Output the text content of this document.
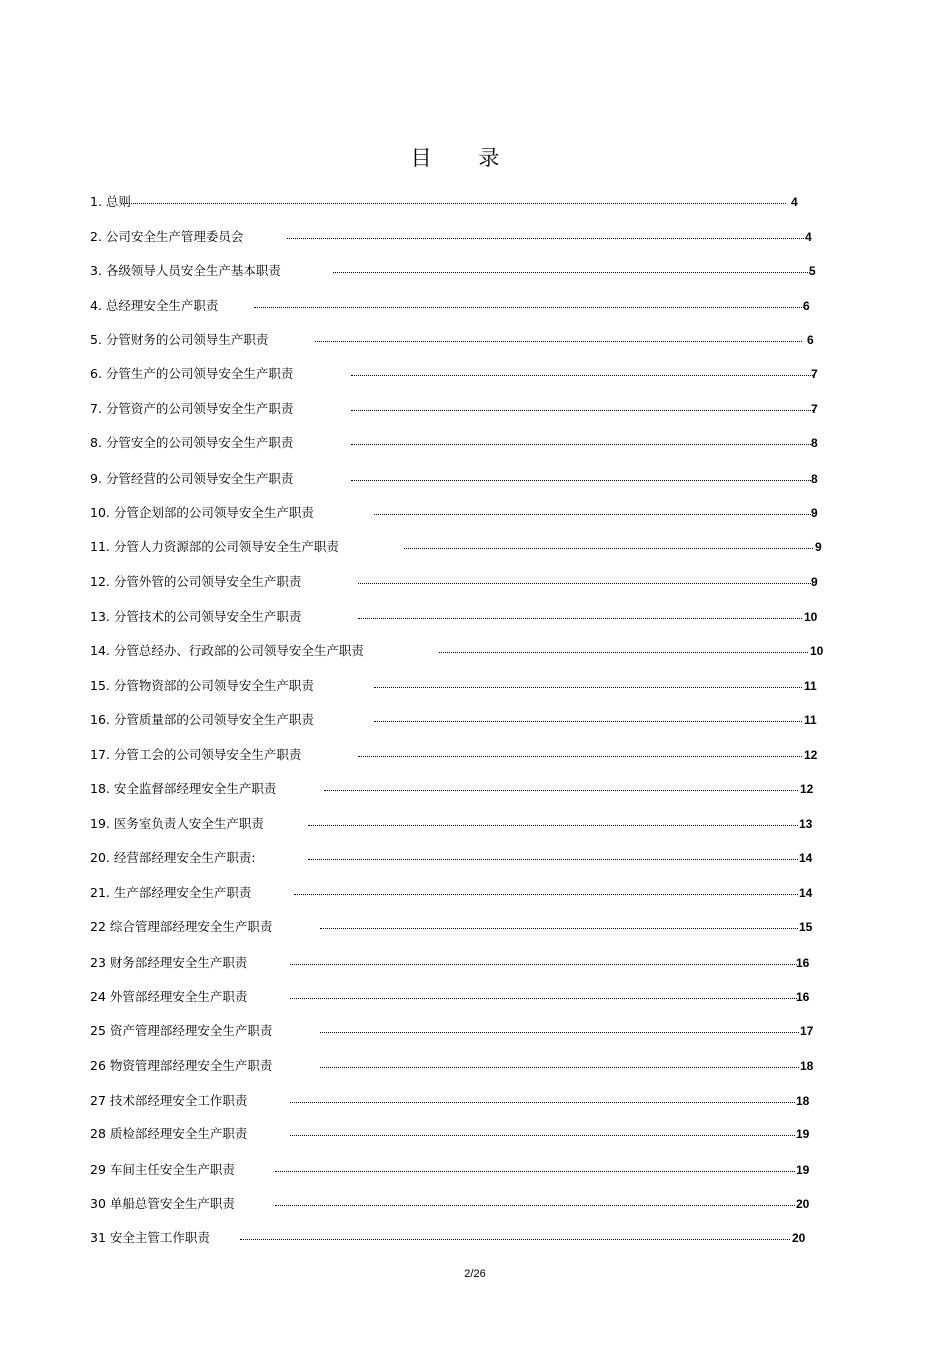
目 录
1. 总则	4
2. 公司安全生产管理委员会	4
3. 各级领导人员安全生产基本职责	5
4. 总经理安全生产职责	6
5. 分管财务的公司领导生产职责	6
6. 分管生产的公司领导安全生产职责	7
7. 分管资产的公司领导安全生产职责	7
8. 分管安全的公司领导安全生产职责	8
9. 分管经营的公司领导安全生产职责	8
10. 分管企划部的公司领导安全生产职责	9
11. 分管人力资源部的公司领导安全生产职责	9
12. 分管外管的公司领导安全生产职责	9
13. 分管技术的公司领导安全生产职责	10
14. 分管总经办、行政部的公司领导安全生产职责	10
15. 分管物资部的公司领导安全生产职责	11
16. 分管质量部的公司领导安全生产职责	11
17. 分管工会的公司领导安全生产职责	12
18. 安全监督部经理安全生产职责	12
19. 医务室负责人安全生产职责	13
20. 经营部经理安全生产职责:	14
21. 生产部经理安全生产职责	14
22 综合管理部经理安全生产职责	15
23 财务部经理安全生产职责	16
24 外管部经理安全生产职责	16
25 资产管理部经理安全生产职责	17
26 物资管理部经理安全生产职责	18
27 技术部经理安全工作职责	18
28 质检部经理安全生产职责	19
29 车间主任安全生产职责	19
30 单船总管安全生产职责	20
31 安全主管工作职责	20
2/26
